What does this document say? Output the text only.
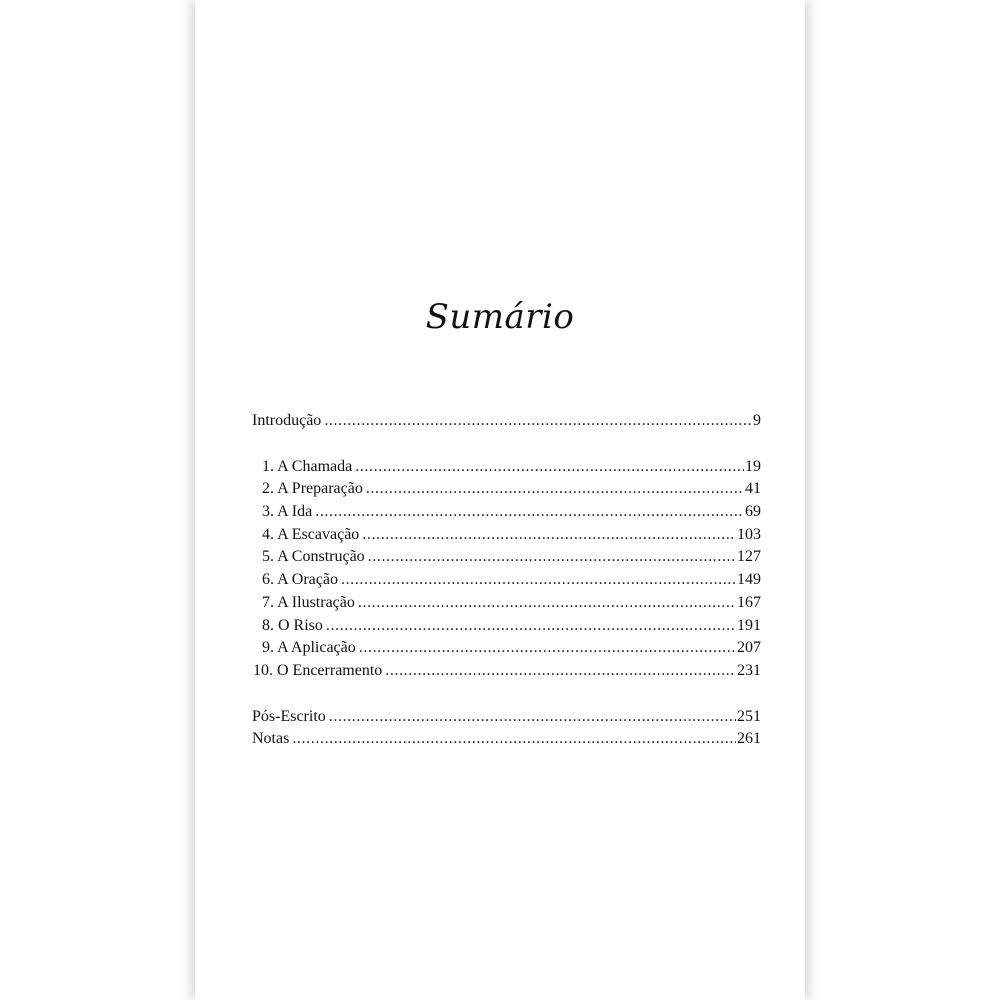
Sumário
Introdução .....	9
1. A Chamada .....	19
2. A Preparação .....	41
3. A Ida .....	69
4. A Escavação .....	103
5. A Construção .....	127
6. A Oração .....	149
7. A Ilustração .....	167
8. O Riso .....	191
9. A Aplicação .....	207
10. O Encerramento .....	231
Pós-Escrito .....	251
Notas .....	261
